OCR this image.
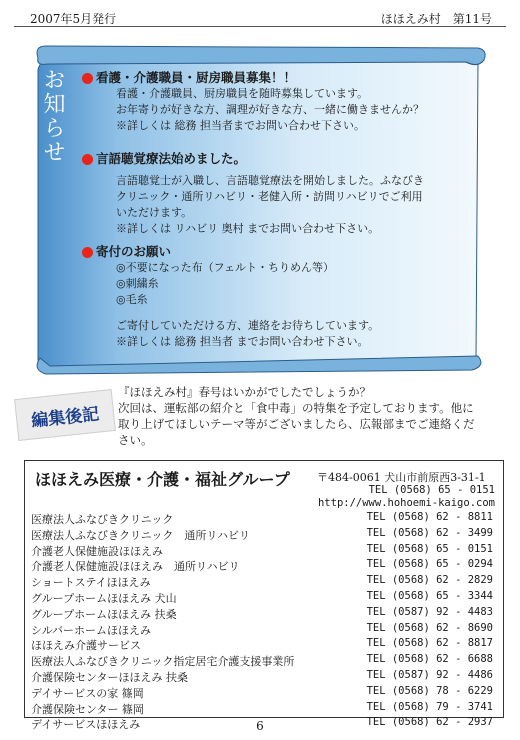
2007年5月発行	ほほえみ村　第11号
お知らせ 看護・介護職員・厨房職員募集！！
看護・介護職員、厨房職員を随時募集しています。
お年寄りが好きな方、調理が好きな方、一緒に働きませんか？
※詳しくは 総務 担当者までお問い合わせ下さい。
言語聴覚療法始めました。
言語聴覚士が入職し、言語聴覚療法を開始しました。ふなびき
クリニック・通所リハビリ・老健入所・訪問リハビリでご利用
いただけます。
※詳しくは リハビリ 奥村 までお問い合わせ下さい。
寄付のお願い
◎不要になった布（フェルト・ちりめん等）
◎刺繍糸
◎毛糸
ご寄付していただける方、連絡をお待ちしています。
※詳しくは 総務 担当者 までお問い合わせ下さい。
編集後記
『ほほえみ村』春号はいかがでしたでしょうか？
次回は、運転部の紹介と「食中毒」の特集を予定しております。他に
取り上げてほしいテーマ等がございましたら、広報部までご連絡くだ
さい。
ほほえみ医療・介護・福祉グループ 〒484-0061 犬山市前原西3-31-1
TEL (0568) 65 - 0151
http://www.hohoemi-kaigo.com
医療法人ふなびきクリニック	TEL (0568) 62 - 8811
医療法人ふなびきクリニック　通所リハビリ	TEL (0568) 62 - 3499
介護老人保健施設ほほえみ	TEL (0568) 65 - 0151
介護老人保健施設ほほえみ　通所リハビリ	TEL (0568) 65 - 0294
ショートステイほほえみ	TEL (0568) 62 - 2829
グループホームほほえみ 犬山	TEL (0568) 65 - 3344
グループホームほほえみ 扶桑	TEL (0587) 92 - 4483
シルバーホームほほえみ	TEL (0568) 62 - 8690
ほほえみ介護サービス	TEL (0568) 62 - 8817
医療法人ふなびきクリニック指定居宅介護支援事業所	TEL (0568) 62 - 6688
介護保険センターほほえみ 扶桑	TEL (0587) 92 - 4486
デイサービスの家 篠岡	TEL (0568) 78 - 6229
介護保険センター 篠岡	TEL (0568) 79 - 3741
デイサービスほほえみ	TEL (0568) 62 - 2937
6
